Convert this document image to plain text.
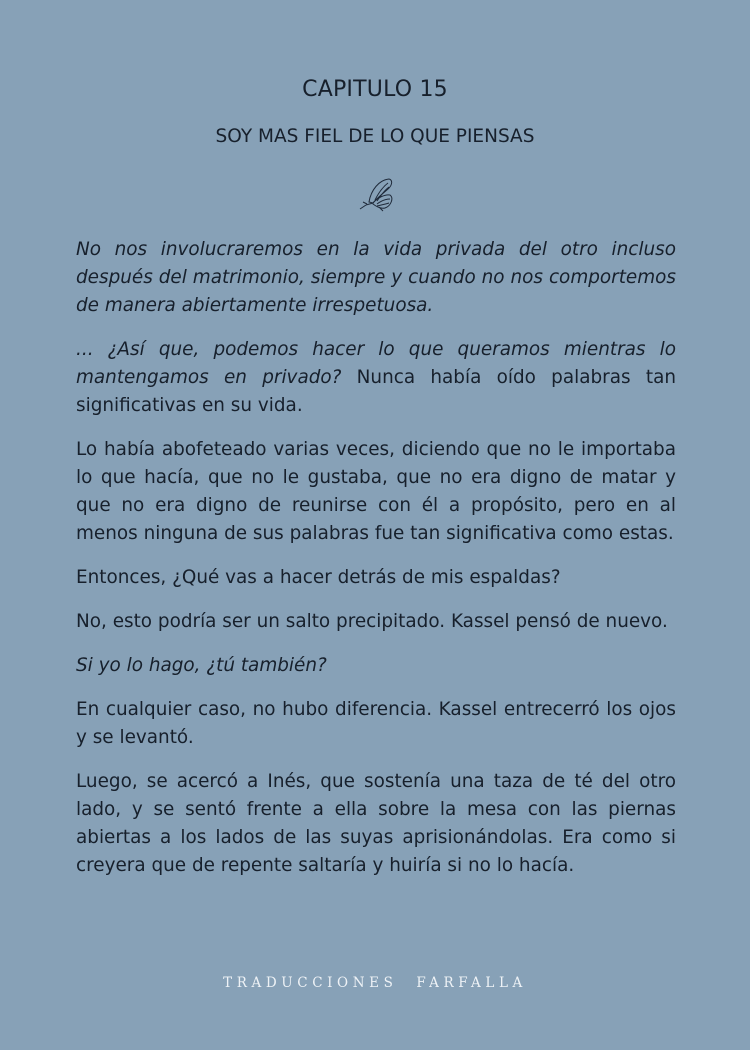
CAPITULO 15
SOY MAS FIEL DE LO QUE PIENSAS

No nos involucraremos en la vida privada del otro incluso después del matrimonio, siempre y cuando no nos comportemos de manera abiertamente irrespetuosa.

... ¿Así que, podemos hacer lo que queramos mientras lo mantengamos en privado? Nunca había oído palabras tan significativas en su vida.

Lo había abofeteado varias veces, diciendo que no le importaba lo que hacía, que no le gustaba, que no era digno de matar y que no era digno de reunirse con él a propósito, pero en al menos ninguna de sus palabras fue tan significativa como estas.

Entonces, ¿Qué vas a hacer detrás de mis espaldas?

No, esto podría ser un salto precipitado. Kassel pensó de nuevo.

Si yo lo hago, ¿tú también?

En cualquier caso, no hubo diferencia. Kassel entrecerró los ojos y se levantó.

Luego, se acercó a Inés, que sostenía una taza de té del otro lado, y se sentó frente a ella sobre la mesa con las piernas abiertas a los lados de las suyas aprisionándolas. Era como si creyera que de repente saltaría y huiría si no lo hacía.

TRADUCCIONES FARFALLA
